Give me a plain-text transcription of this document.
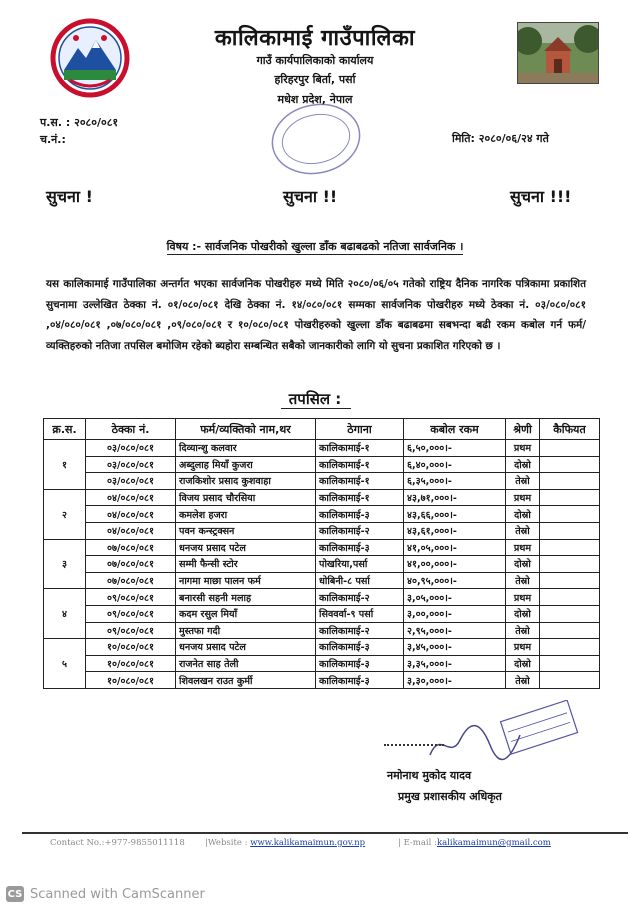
कालिकामाई गाउँपालिका
गाउँ कार्यपालिकाको कार्यालय
हरिहरपुर बिर्ता, पर्सा
मधेश प्रदेश, नेपाल
प.स. : २०८०/०८१
च.नं.:	मिति: २०८०/०६/२४ गते
सुचना !	सुचना !!	सुचना !!!
विषय :- सार्वजनिक पोखरीको खुल्ला डाँक बढाबढको नतिजा सार्वजनिक ।
यस कालिकामाई गाउँपालिका अन्तर्गत भएका सार्वजनिक पोखरीहरु मध्ये मिति २०८०/०६/०५ गतेको राष्ट्रिय दैनिक नागरिक पत्रिकामा प्रकाशित सुचनामा उल्लेखित ठेक्का नं. ०१/०८०/०८१ देखि ठेक्का नं. १४/०८०/०८१ सम्मका सार्वजनिक पोखरीहरु मध्ये ठेक्का नं. ०३/०८०/०८१ ,०४/०८०/०८१ ,०७/०८०/०८१ ,०९/०८०/०८१ र १०/०८०/०८१ पोखरीहरुको खुल्ला डाँक बढाबढमा सबभन्दा बढी रकम कबोल गर्न फर्म/व्यक्तिहरुको नतिजा तपसिल बमोजिम रहेको ब्यहोरा सम्बन्धित सबैको जानकारीको लागि यो सुचना प्रकाशित गरिएको छ ।
तपसिल :
क्र.स.	ठेक्का नं.	फर्म/व्यक्तिको नाम,थर	ठेगाना	कबोल रकम	श्रेणी	कैफियत
	०३/०८०/०८१	दिव्यान्शु कलवार	कालिकामाई-१	६,५०,०००।-	प्रथम	
१	०३/०८०/०८१	अब्दुलाह मियाँ कुजरा	कालिकामाई-१	६,४०,०००।-	दोस्रो	
	०३/०८०/०८१	राजकिशोर प्रसाद कुशवाहा	कालिकामाई-१	६,३५,०००।-	तेस्रो	
	०४/०८०/०८१	विजय प्रसाद चौरसिया	कालिकामाई-१	४३,७१,०००।-	प्रथम	
२	०४/०८०/०८१	कमलेश हजरा	कालिकामाई-३	४३,६६,०००।-	दोस्रो	
	०४/०८०/०८१	पवन कन्स्ट्रक्सन	कालिकामाई-२	४३,६१,०००।-	तेस्रो	
	०७/०८०/०८१	धनजय प्रसाद पटेल	कालिकामाई-३	४१,०५,०००।-	प्रथम	
३	०७/०८०/०८१	सम्मी फैन्सी स्टोर	पोखरिया,पर्सा	४१,००,०००।-	दोस्रो	
	०७/०८०/०८१	नागमा माछा पालन फर्म	धोबिनी-८ पर्सा	४०,९५,०००।-	तेस्रो	
	०९/०८०/०८१	बनारसी सहनी मलाह	कालिकामाई-२	३,०५,०००।-	प्रथम	
४	०९/०८०/०८१	कदम रसुल मियाँ	सिववर्वा-९ पर्सा	३,००,०००।-	दोस्रो	
	०९/०८०/०८१	मुस्तफा गदी	कालिकामाई-२	२,९५,०००।-	तेस्रो	
	१०/०८०/०८१	धनजय प्रसाद पटेल	कालिकामाई-३	३,४५,०००।-	प्रथम	
५	१०/०८०/०८१	राजनेत साह तेली	कालिकामाई-३	३,३५,०००।-	दोस्रो	
	१०/०८०/०८१	शिवलखन राउत कुर्मी	कालिकामाई-३	३,३०,०००।-	तेस्रो	
नमोनाथ मुकोद यादव
प्रमुख प्रशासकीय अधिकृत
Contact No.:+977-9855011118 |Website : www.kalikamaimun.gov.np	| E-mail :kalikamaimun@gmail.com
CS Scanned with CamScanner
